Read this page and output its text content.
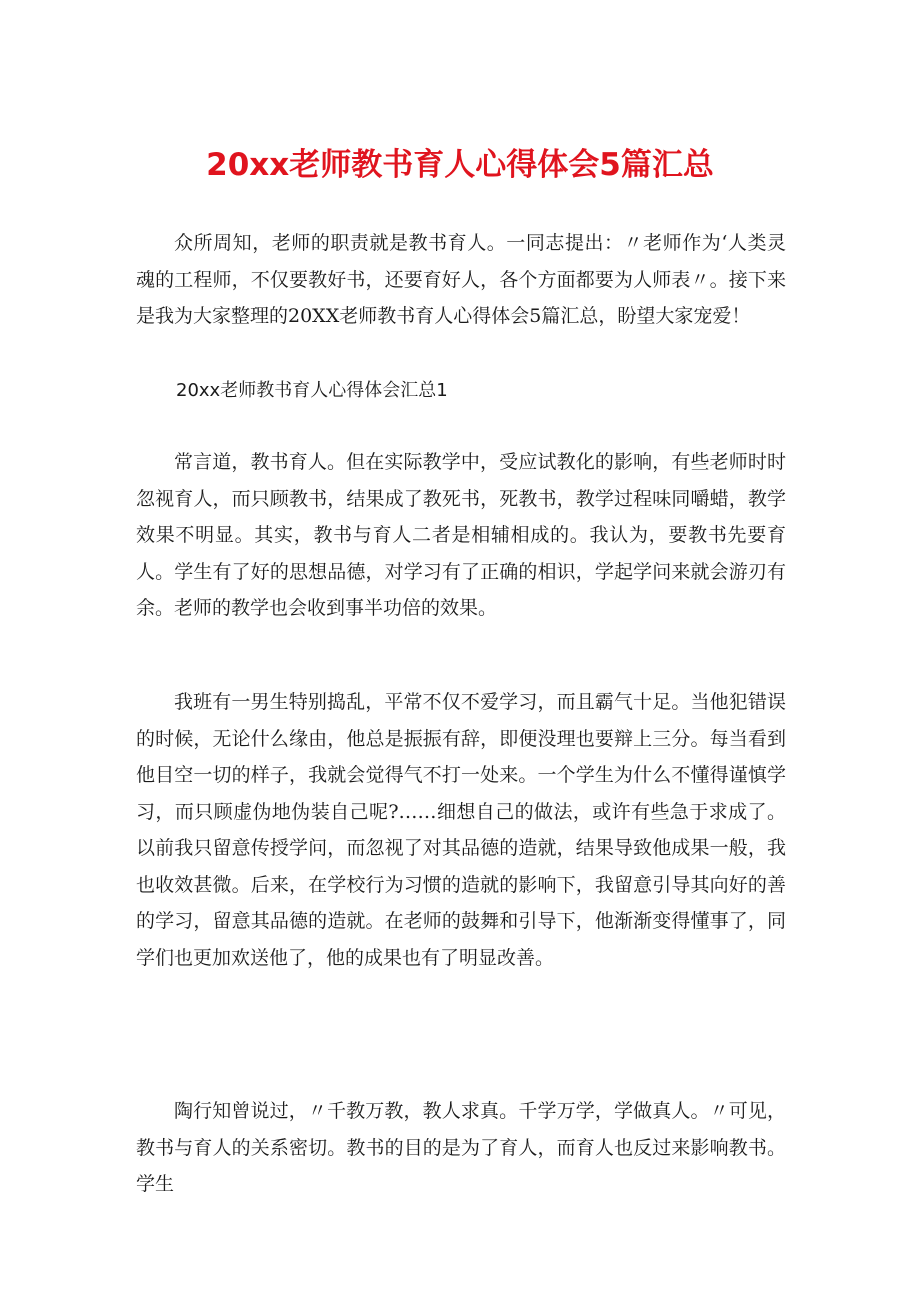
20xx老师教书育人心得体会5篇汇总

众所周知，老师的职责就是教书育人。一同志提出：〃老师作为‘人类灵魂的工程师，不仅要教好书，还要育好人，各个方面都要为人师表〃。接下来是我为大家整理的20XX老师教书育人心得体会5篇汇总，盼望大家宠爱！

20xx老师教书育人心得体会汇总1

常言道，教书育人。但在实际教学中，受应试教化的影响，有些老师时时忽视育人，而只顾教书，结果成了教死书，死教书，教学过程味同嚼蜡，教学效果不明显。其实，教书与育人二者是相辅相成的。我认为，要教书先要育人。学生有了好的思想品德，对学习有了正确的相识，学起学问来就会游刃有余。老师的教学也会收到事半功倍的效果。

我班有一男生特别捣乱，平常不仅不爱学习，而且霸气十足。当他犯错误的时候，无论什么缘由，他总是振振有辞，即便没理也要辩上三分。每当看到他目空一切的样子，我就会觉得气不打一处来。一个学生为什么不懂得谨慎学习，而只顾虚伪地伪装自己呢?……细想自己的做法，或许有些急于求成了。以前我只留意传授学问，而忽视了对其品德的造就，结果导致他成果一般，我也收效甚微。后来，在学校行为习惯的造就的影响下，我留意引导其向好的善的学习，留意其品德的造就。在老师的鼓舞和引导下，他渐渐变得懂事了，同学们也更加欢送他了，他的成果也有了明显改善。

陶行知曾说过，〃千教万教，教人求真。千学万学，学做真人。〃可见，教书与育人的关系密切。教书的目的是为了育人，而育人也反过来影响教书。学生
